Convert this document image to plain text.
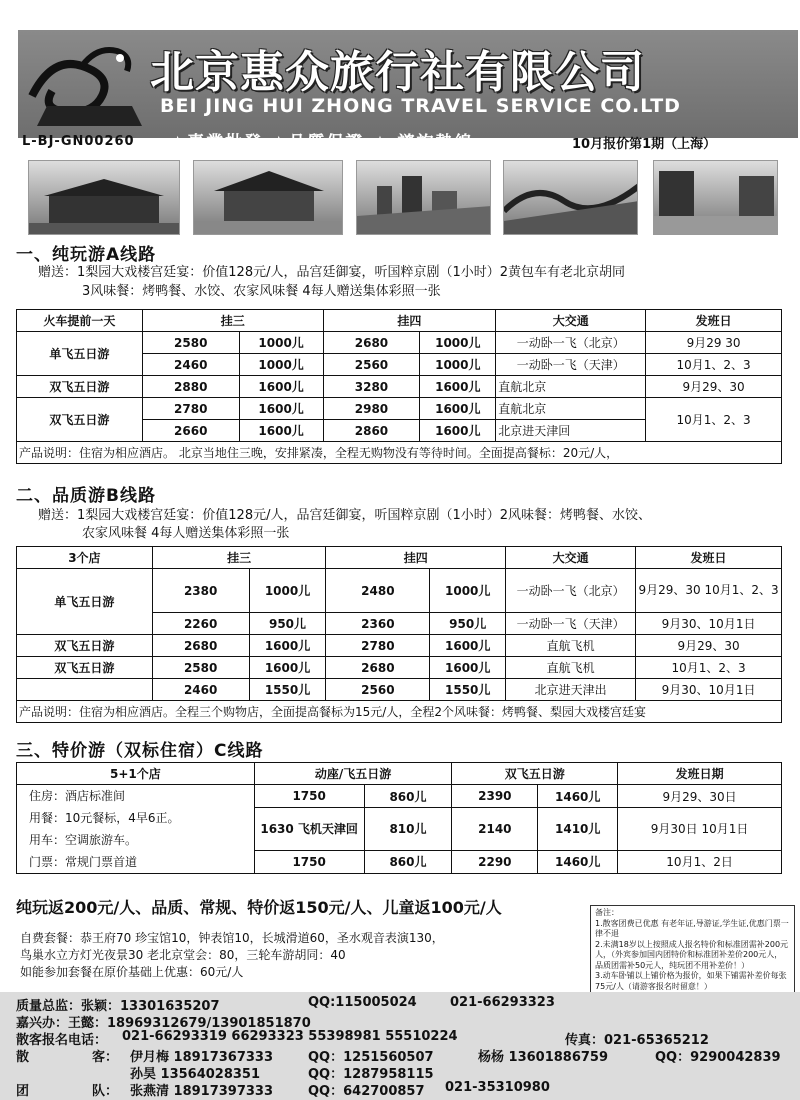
北京惠众旅行社有限公司
BEI JING HUI ZHONG TRAVEL SERVICE CO.LTD
L-BJ-GN00260 ★專業批發 ★品質保證 ★ 諮詢熱線	10月报价第1期（上海）
一、纯玩游A线路
赠送：1梨园大戏楼宫廷宴：价值128元/人，品宫廷御宴，听国粹京剧（1小时）2黄包车有老北京胡同
3风味餐：烤鸭餐、水饺、农家风味餐 4每人赠送集体彩照一张
火车提前一天	挂三		挂四		大交通	发班日
单飞五日游	2580	1000儿	2680	1000儿	一动卧一飞（北京）	9月29 30
	2460	1000儿	2560	1000儿	一动卧一飞（天津）	10月1、2、3
双飞五日游	2880	1600儿	3280	1600儿	直航北京	9月29、30
双飞五日游	2780	1600儿	2980	1600儿	直航北京	10月1、2、3
	2660	1600儿	2860	1600儿	北京进天津回	
产品说明：住宿为相应酒店。 北京当地住三晚，安排紧凑，全程无购物没有等待时间。全面提高餐标：20元/人，						
二、品质游B线路
赠送：1梨园大戏楼宫廷宴：价值128元/人，品宫廷御宴，听国粹京剧（1小时）2风味餐：烤鸭餐、水饺、
农家风味餐 4每人赠送集体彩照一张
3个店	挂三		挂四		大交通	发班日
单飞五日游	2380	1000儿	2480	1000儿	一动卧一飞（北京）	9月29、30 10月1、2、3
	2260	950儿	2360	950儿	一动卧一飞（天津）	9月30、10月1日
双飞五日游	2680	1600儿	2780	1600儿	直航飞机	9月29、30
双飞五日游	2580	1600儿	2680	1600儿	直航飞机	10月1、2、3
	2460	1550儿	2560	1550儿	北京进天津出	9月30、10月1日
产品说明：住宿为相应酒店。全程三个购物店，全面提高餐标为15元/人，全程2个风味餐：烤鸭餐、梨园大戏楼宫廷宴						
三、特价游（双标住宿）C线路
5+1个店	动座/飞五日游		双飞五日游		发班日期

住房：酒店标准间
用餐：10元餐标，4早6正。
用车：空调旅游车。
门票：常规门票首道	1750	860儿	2390	1460儿	9月29、30日
	1630 飞机天津回	810儿	2140	1410儿	9月30日 10月1日
	1750	860儿	2290	1460儿	10月1、2日
纯玩返200元/人、品质、常规、特价返150元/人、儿童返100元/人
自费套餐：恭王府70 珍宝馆10，钟表馆10，长城滑道60，圣水观音表演130，
鸟巢水立方灯光夜景30 老北京堂会：80，三轮车游胡同：40
如能参加套餐在原价基础上优惠：60元/人
备注：
1.散客团费已优惠 有老年证,导游证,学生证,优惠门票一律不退
2.未满18岁以上按照成人报名特价和标准团需补200元人，（外宾参加国内团特价和标准团补差价200元人，品质团需补50元人，纯玩团不用补差价！）
3.动车卧铺以上铺价格为报价，如果下铺需补差价每张75元/人（请游客报名时留意！）
质量总监：张颖：13301635207	QQ:115005024	021-66293323
嘉兴办：王懿：18969312679/13901851870
散客报名电话： 021-66293319 66293323 55398981 55510224	传真：021-65365212
散	客： 伊月梅 18917367333	QQ：1251560507	杨杨 13601886759	QQ：9290042839
孙昊 13564028351	QQ：1287958115
团	队： 张燕清 18917397333	QQ：642700857 021-35310980
